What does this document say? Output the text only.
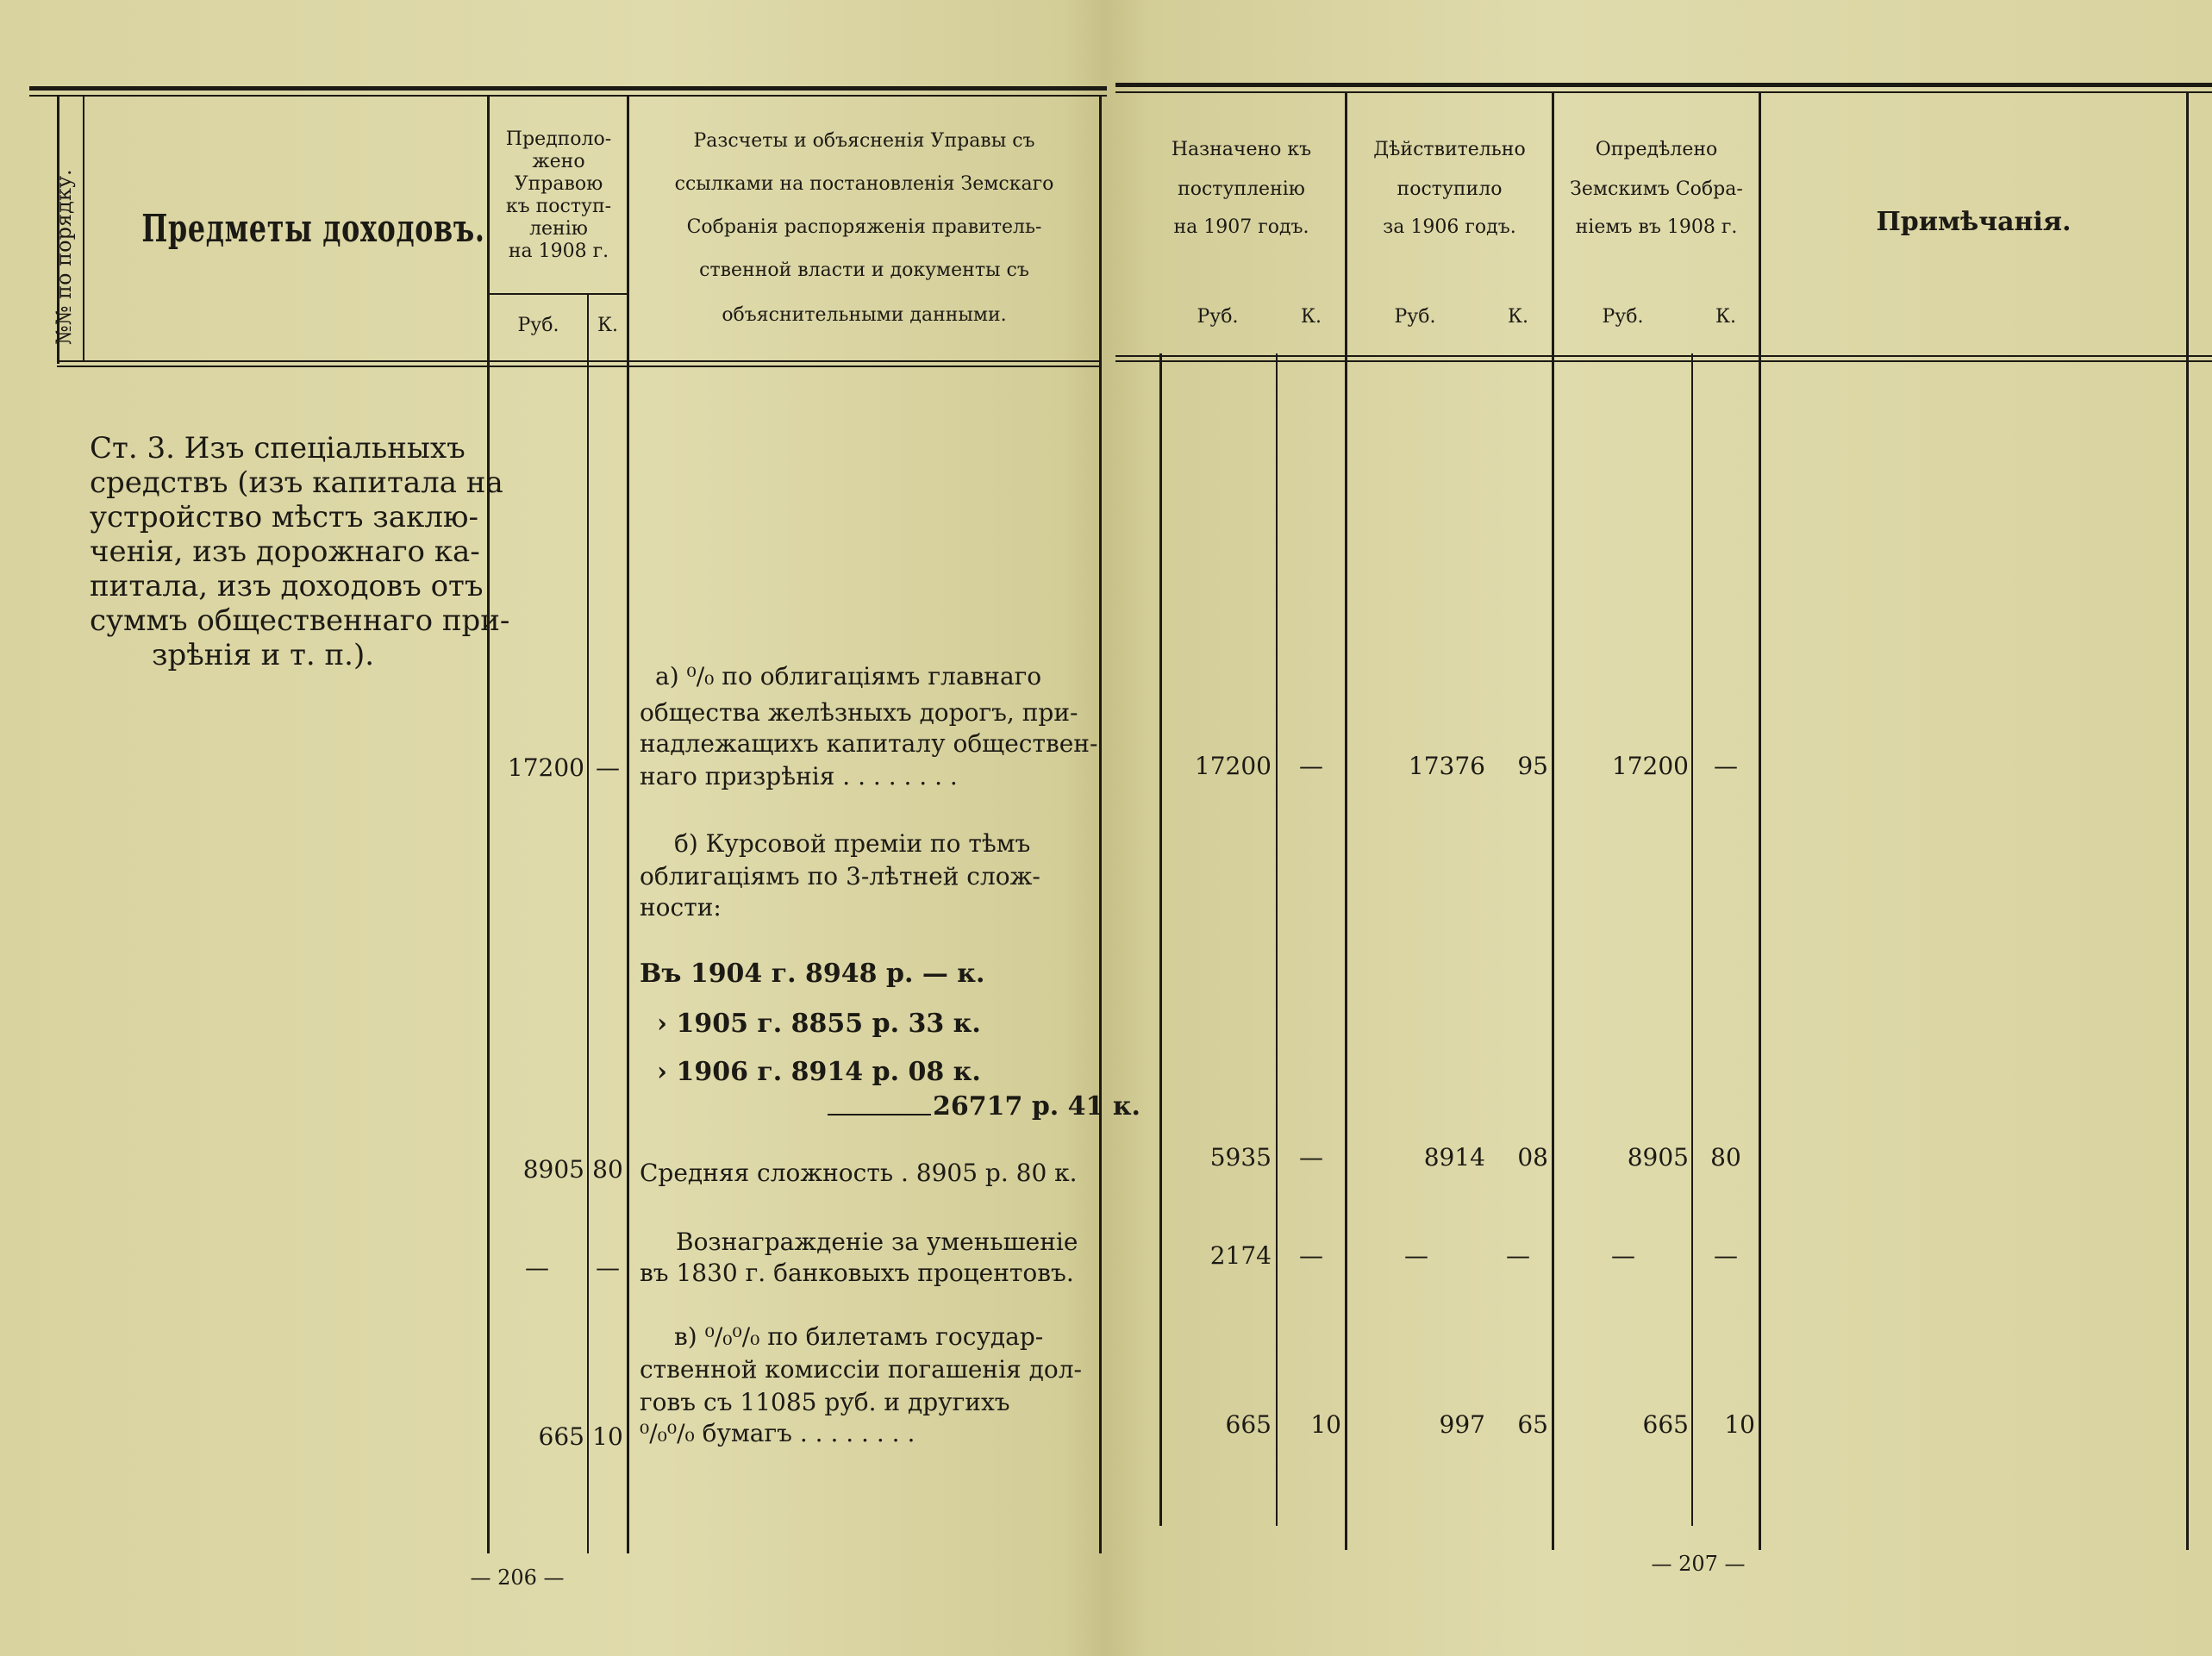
№№ по порядку. Предметы доходовъ.
Предполо-
жено
Управою
къ поступ-
ленію
на 1908 г.
Руб.	К.
Разсчеты и объясненія Управы съ
ссылками на постановленія Земскаго
Собранія распоряженія правитель-
ственной власти и документы съ
объяснительными данными.
Ст. 3. Изъ спеціальныхъ
средствъ (изъ капитала на
устройство мѣстъ заклю-
ченія, изъ дорожнаго ка-
питала, изъ доходовъ отъ
суммъ общественнаго при-
зрѣнія и т. п.).
а) ⁰/₀ по облигаціямъ главнаго
общества желѣзныхъ дорогъ, при-
надлежащихъ капиталу обществен-
наго призрѣнія . . . . . . . .
17200 —
б) Курсовой преміи по тѣмъ
облигаціямъ по 3-лѣтней слож-
ности:
Въ 1904 г. 8948 р. — к.
› 1905 г. 8855 р. 33 к.
› 1906 г. 8914 р. 08 к.
26717 р. 41 к.
Средняя сложность . 8905 р. 80 к.
8905 80
Вознагражденіе за уменьшеніе
въ 1830 г. банковыхъ процентовъ.
—	—
в) ⁰/₀⁰/₀ по билетамъ государ-
ственной комиссіи погашенія дол-
говъ съ 11085 руб. и другихъ
⁰/₀⁰/₀ бумагъ . . . . . . . .
665 10
— 206 —
Назначено къ
поступленію
на 1907 годъ.
Дѣйствительно
поступило
за 1906 годъ.
Опредѣлено
Земскимъ Собра-
ніемъ въ 1908 г.	Примѣчанія.
Руб.	К.	Руб.	К.	Руб.	К.
17200	—	17376	95	17200	—
5935	—	8914	08	8905 80
2174	—	—	—	—	—
665	10	997	65	665	10
— 207 —
